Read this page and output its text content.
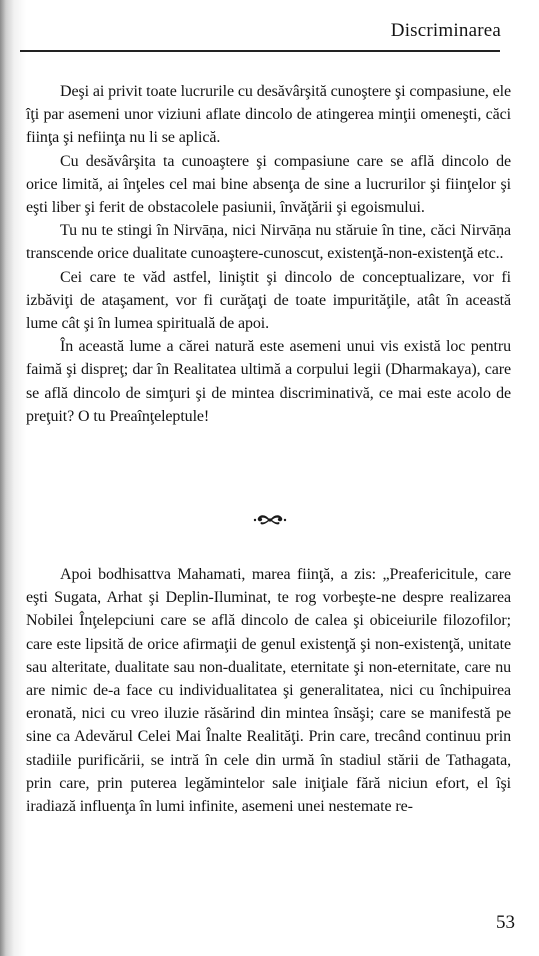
Discriminarea

Deşi ai privit toate lucrurile cu desăvârşită cunoştere şi compasiune, ele îţi par asemeni unor viziuni aflate dincolo de atingerea minţii omeneşti, căci fiinţa şi nefiinţa nu li se aplică.

Cu desăvârşita ta cunoaştere şi compasiune care se află dincolo de orice limită, ai înţeles cel mai bine absenţa de sine a lucrurilor şi fiinţelor şi eşti liber şi ferit de obstacolele pasiunii, învăţării şi egoismului.

Tu nu te stingi în Nirvāṇa, nici Nirvāṇa nu stăruie în tine, căci Nirvāṇa transcende orice dualitate cunoaştere-cunoscut, existenţă-non-existenţă etc..

Cei care te văd astfel, liniştit şi dincolo de conceptualizare, vor fi izbăviţi de ataşament, vor fi curăţaţi de toate impurităţile, atât în această lume cât şi în lumea spirituală de apoi.

În această lume a cărei natură este asemeni unui vis există loc pentru faimă şi dispreţ; dar în Realitatea ultimă a corpului legii (Dharmakaya), care se află dincolo de simţuri şi de mintea discriminativă, ce mai este acolo de preţuit? O tu Preaînţeleptule!

Apoi bodhisattva Mahamati, marea fiinţă, a zis: „Preafericitule, care eşti Sugata, Arhat şi Deplin-Iluminat, te rog vorbeşte-ne despre realizarea Nobilei Înţelepciuni care se află dincolo de calea şi obiceiurile filozofilor; care este lipsită de orice afirmaţii de genul existenţă şi non-existenţă, unitate sau alteritate, dualitate sau non-dualitate, eternitate şi non-eternitate, care nu are nimic de-a face cu individualitatea şi generalitatea, nici cu închipuirea eronată, nici cu vreo iluzie răsărind din mintea însăşi; care se manifestă pe sine ca Adevărul Celei Mai Înalte Realităţi. Prin care, trecând continuu prin stadiile purificării, se intră în cele din urmă în stadiul stării de Tathagata, prin care, prin puterea legămintelor sale iniţiale fără niciun efort, el îşi iradiază influenţa în lumi infinite, asemeni unei nestemate re-

53
